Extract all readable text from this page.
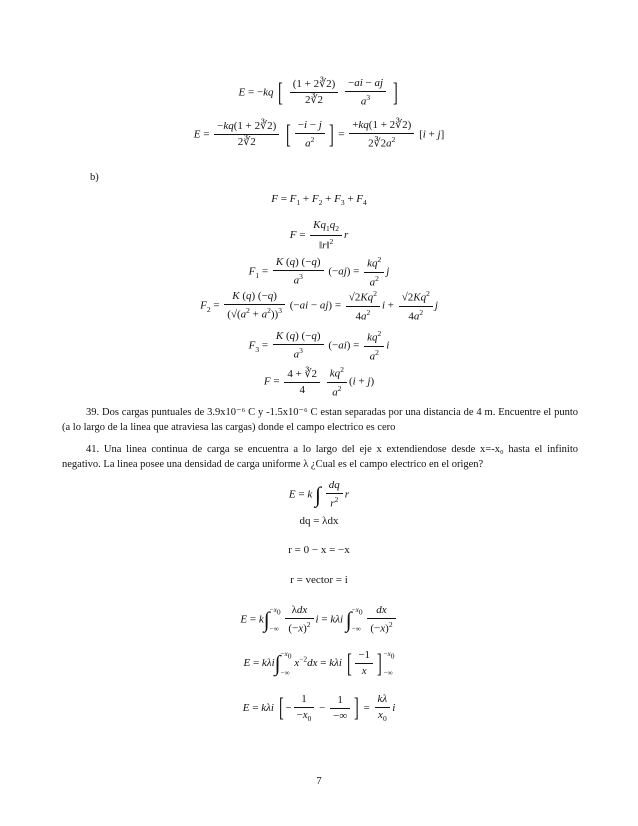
E = −kq [ $\frac{(1 + 2∛2)}{2∛2}$
$\frac{-ai - aj}{a^3}$ ]
$E = \frac{-kq(1 + 2∛2)}{2∛2}$ [ $\frac{-i - j}{a^2}$ ] = $\frac{+kq(1 + 2∛2)}{2∛2a^2} [i + j]$
b)
$F = F_1 + F_2 + F_3 + F_4$
$F = \frac{Kq_1q_2}{‖r‖^2}$ r
$F_1 = \frac{K (q) (-q)}{a^3} (-aj) = \frac{kq^2}{a^2}$ j
$F_2 = \frac{K (q) (-q)}{(√(a^2 + a^2))^3} (-ai - aj) = \frac{√2Kq^2}{4a^2}$ $i + \frac{√2Kq^2}{4a^2}$ j
$F_3 = \frac{K (q) (-q)}{a^3} (-ai) = \frac{kq^2}{a^2}$ i
$F = \frac{4 + ∛2}{4}$
$\frac{kq^2}{a^2} (i + j)$
39. Dos cargas puntuales de 3.9x10⁻⁶ C y -1.5x10⁻⁶ C estan separadas por una distancia de 4 m. Encuentre el punto (a lo largo de la linea que atraviesa las cargas) donde el campo electrico es cero
41. Una linea continua de carga se encuentra a lo largo del eje x extendiendose desde x=-x₀ hasta el infinito negativo. La linea posee una densidad de carga uniforme λ ¿Cual es el campo electrico en el origen?
E = k ∫ $\frac{dq}{r^2}$ r
dq = λdx
r = 0 − x = −x
r = vector = i
E = k∫−x0

−∞ $\frac{\text{λdx}}{(-x)^2}$ i = kλi ∫−x0

−∞ $\frac{dx}{(-x)^2}$
E = kλi∫−x0

−∞ $x^{-2}dx = k\lambda i$ [ $\frac{-1}{x}$ ] −x0

−∞
E = kλi [ − $\frac{1}{-x_0} - \frac{1}{-\infty}$ ] = $\frac{k\lambda}{x_0}$ i
7
